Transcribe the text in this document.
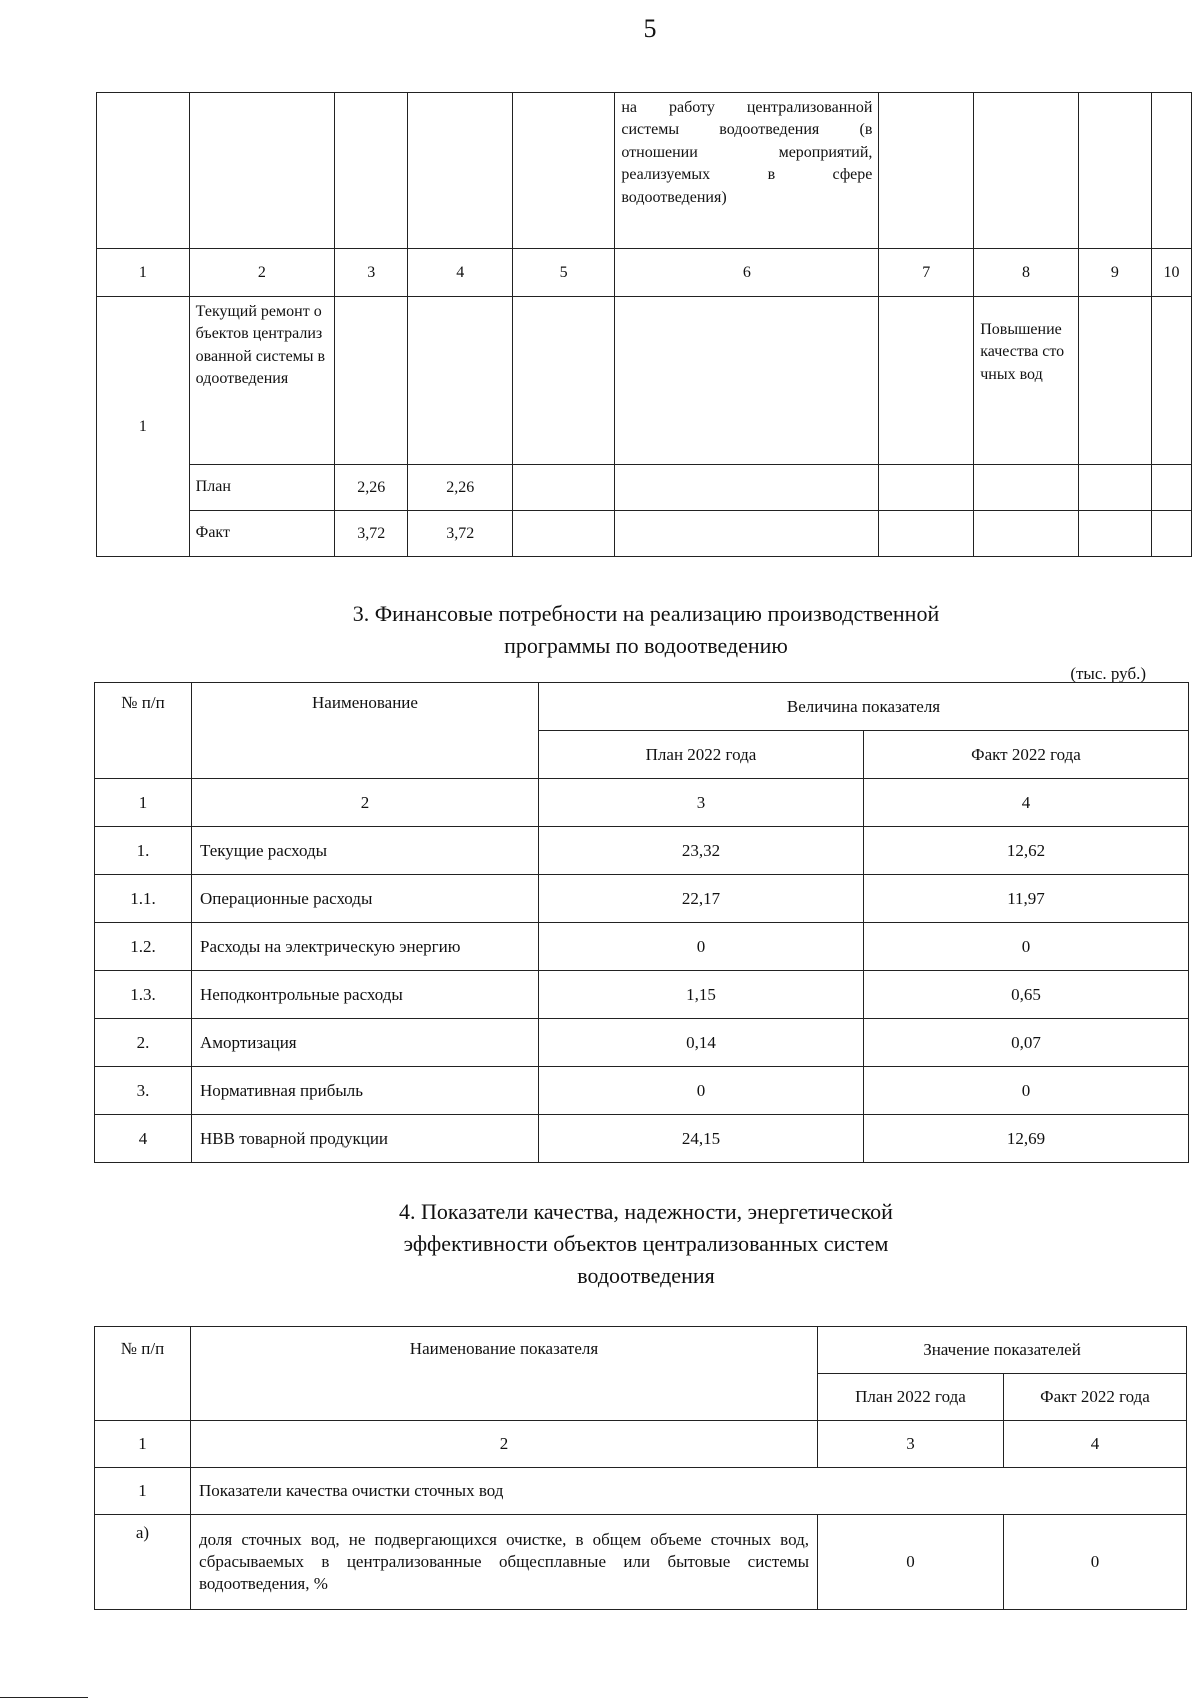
5
					на работу централизованной системы водоотведения (в отношении мероприятий, реализуемых в сфере водоотведения)				
1	2	3	4	5	6	7	8	9	10
1	Текущий ремонт объектов централизованной системы водоотведения						Повышение качества сточных вод		
	План	2,26	2,26						
	Факт	3,72	3,72						
3. Финансовые потребности на реализацию производственной
программы по водоотведению
(тыс. руб.)
№ п/п	Наименование	Величина показателя	
		План 2022 года	Факт 2022 года
1	2	3	4
1.	Текущие расходы	23,32	12,62
1.1.	Операционные расходы	22,17	11,97
1.2.	Расходы на электрическую энергию	0	0
1.3.	Неподконтрольные расходы	1,15	0,65
2.	Амортизация	0,14	0,07
3.	Нормативная прибыль	0	0
4	НВВ товарной продукции	24,15	12,69
4. Показатели качества, надежности, энергетической
эффективности объектов централизованных систем
водоотведения
№ п/п	Наименование показателя	Значение показателей	
		План 2022 года	Факт 2022 года
1	2	3	4
1	Показатели качества очистки сточных вод		
а)	доля сточных вод, не подвергающихся очистке, в общем объеме сточных вод, сбрасываемых в централизованные общесплавные или бытовые системы водоотведения, %	0	0
